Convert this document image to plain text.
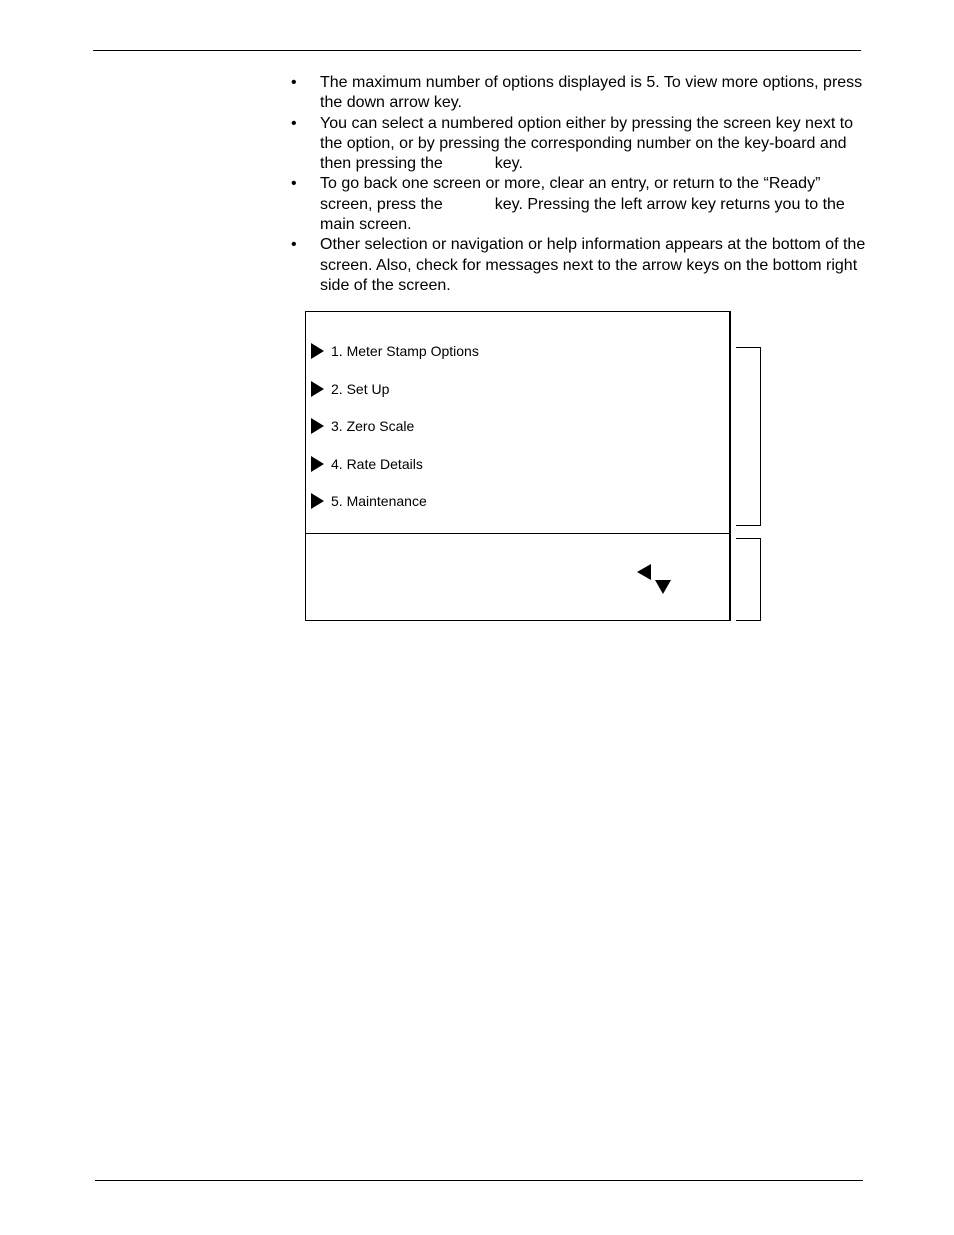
• The maximum number of options displayed is 5. To view more options, press the down arrow key.
• You can select a numbered option either by pressing the screen key next to the option, or by pressing the corresponding number on the key-board and then pressing the	key.
• To go back one screen or more, clear an entry, or return to the “Ready” screen, press the	key. Pressing the left arrow key returns you to the main screen.
• Other selection or navigation or help information appears at the bottom of the screen. Also, check for messages next to the arrow keys on the bottom right side of the screen.
1. Meter Stamp Options
2. Set Up
3. Zero Scale
4. Rate Details
5. Maintenance
